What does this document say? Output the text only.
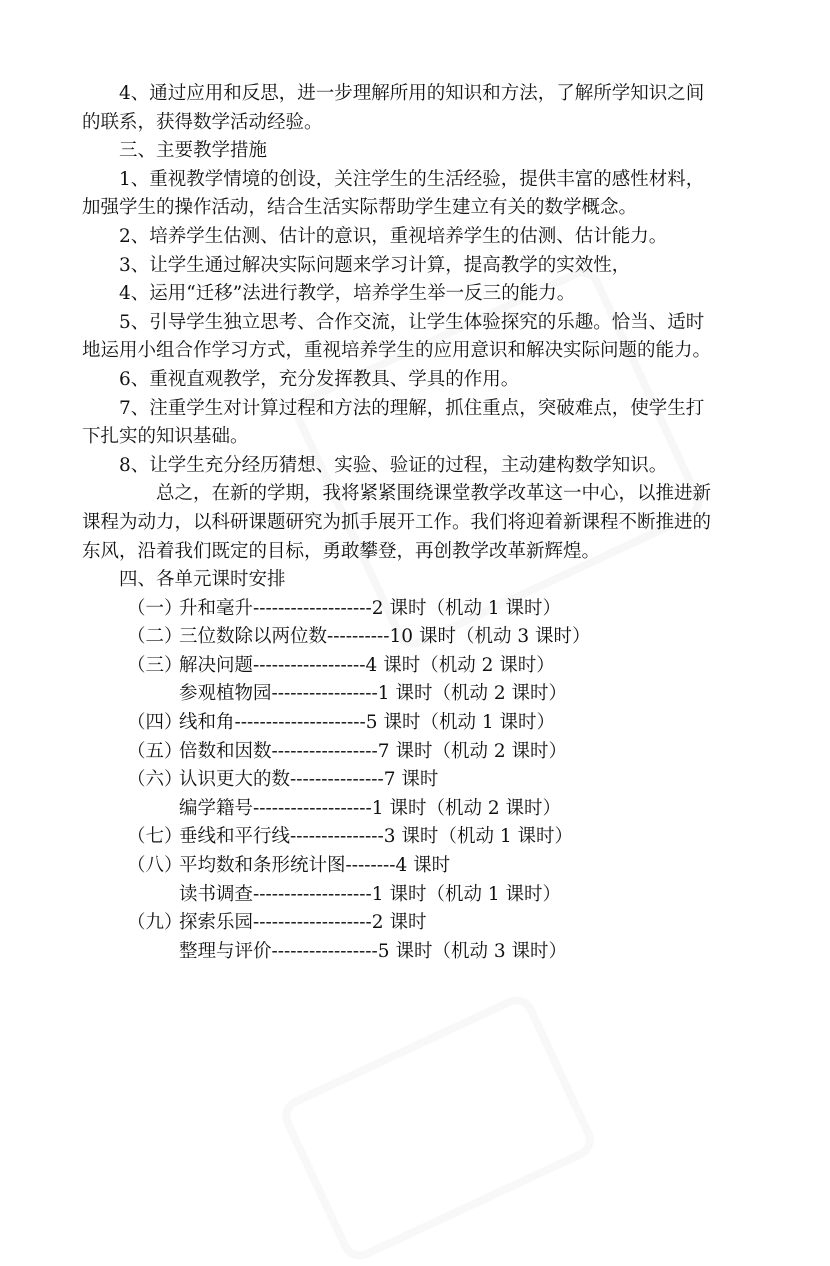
4、通过应用和反思，进一步理解所用的知识和方法，了解所学知识之间
的联系，获得数学活动经验。
三、主要教学措施
1、重视教学情境的创设，关注学生的生活经验，提供丰富的感性材料，
加强学生的操作活动，结合生活实际帮助学生建立有关的数学概念。
2、培养学生估测、估计的意识，重视培养学生的估测、估计能力。
3、让学生通过解决实际问题来学习计算，提高教学的实效性，
4、运用“迁移”法进行教学，培养学生举一反三的能力。
5、引导学生独立思考、合作交流，让学生体验探究的乐趣。恰当、适时
地运用小组合作学习方式，重视培养学生的应用意识和解决实际问题的能力。
6、重视直观教学，充分发挥教具、学具的作用。
7、注重学生对计算过程和方法的理解，抓住重点，突破难点，使学生打
下扎实的知识基础。
8、让学生充分经历猜想、实验、验证的过程，主动建构数学知识。
总之，在新的学期，我将紧紧围绕课堂教学改革这一中心，以推进新
课程为动力，以科研课题研究为抓手展开工作。我们将迎着新课程不断推进的
东风，沿着我们既定的目标，勇敢攀登，再创教学改革新辉煌。
四、各单元课时安排
（一）
升和毫升 ------------------- 2 课时 （机动 1 课时）
（二）
三位数除以两位数 ---------- 10 课时 （机动 3 课时）
（三）
解决问题 ------------------ 4 课时 （机动 2 课时）
参观植物园 ----------------- 1 课时 （机动 2 课时）
（四）
线和角 --------------------- 5 课时 （机动 1 课时）
（五）
倍数和因数 ----------------- 7 课时 （机动 2 课时）
（六）
认识更大的数 --------------- 7 课时
编学籍号 ------------------- 1 课时 （机动 2 课时）
（七）
垂线和平行线 --------------- 3 课时 （机动 1 课时）
（八）
平均数和条形统计图 -------- 4 课时
读书调查 ------------------- 1 课时 （机动 1 课时）
（九）
探索乐园 ------------------- 2 课时
整理与评价 ----------------- 5 课时 （机动 3 课时）
